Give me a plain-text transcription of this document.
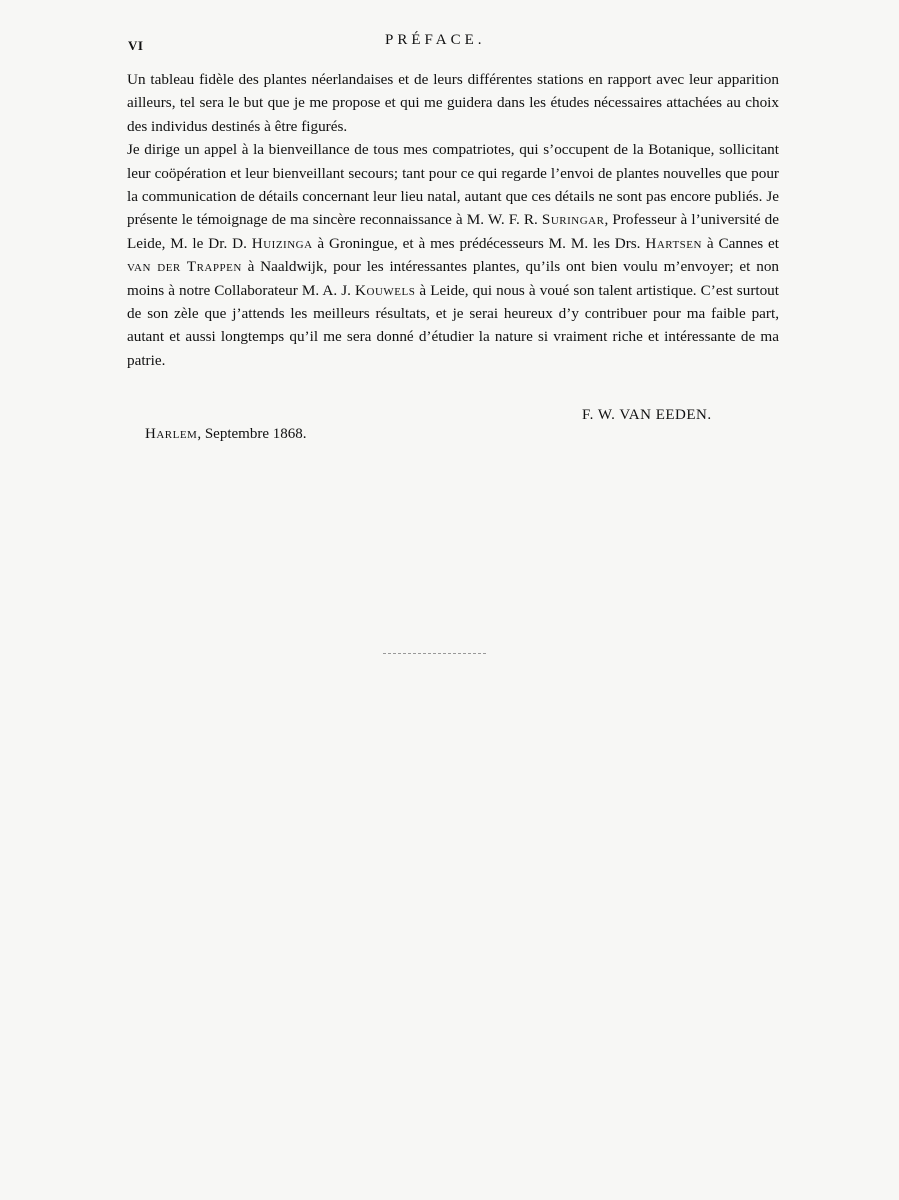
VI	PRÉFACE.

Un tableau fidèle des plantes néerlandaises et de leurs différentes stations en rapport avec leur apparition ailleurs, tel sera le but que je me propose et qui me guidera dans les études nécessaires attachées au choix des individus destinés à être figurés.

Je dirige un appel à la bienveillance de tous mes compatriotes, qui s’occupent de la Botanique, sollicitant leur coöpération et leur bienveillant secours; tant pour ce qui regarde l’envoi de plantes nouvelles que pour la communication de détails concernant leur lieu natal, autant que ces détails ne sont pas encore publiés. Je présente le témoignage de ma sincère reconnaissance à M. W. F. R. Suringar, Professeur à l’université de Leide, M. le Dr. D. Huizinga à Groningue, et à mes prédécesseurs M. M. les Drs. Hartsen à Cannes et van der Trappen à Naaldwijk, pour les intéressantes plantes, qu’ils ont bien voulu m’envoyer; et non moins à notre Collaborateur M. A. J. Kouwels à Leide, qui nous à voué son talent artistique. C’est surtout de son zèle que j’attends les meilleurs résultats, et je serai heureux d’y contribuer pour ma faible part, autant et aussi longtemps qu’il me sera donné d’étudier la nature si vraiment riche et intéressante de ma patrie.

F. W. VAN EEDEN.
Harlem, Septembre 1868.
